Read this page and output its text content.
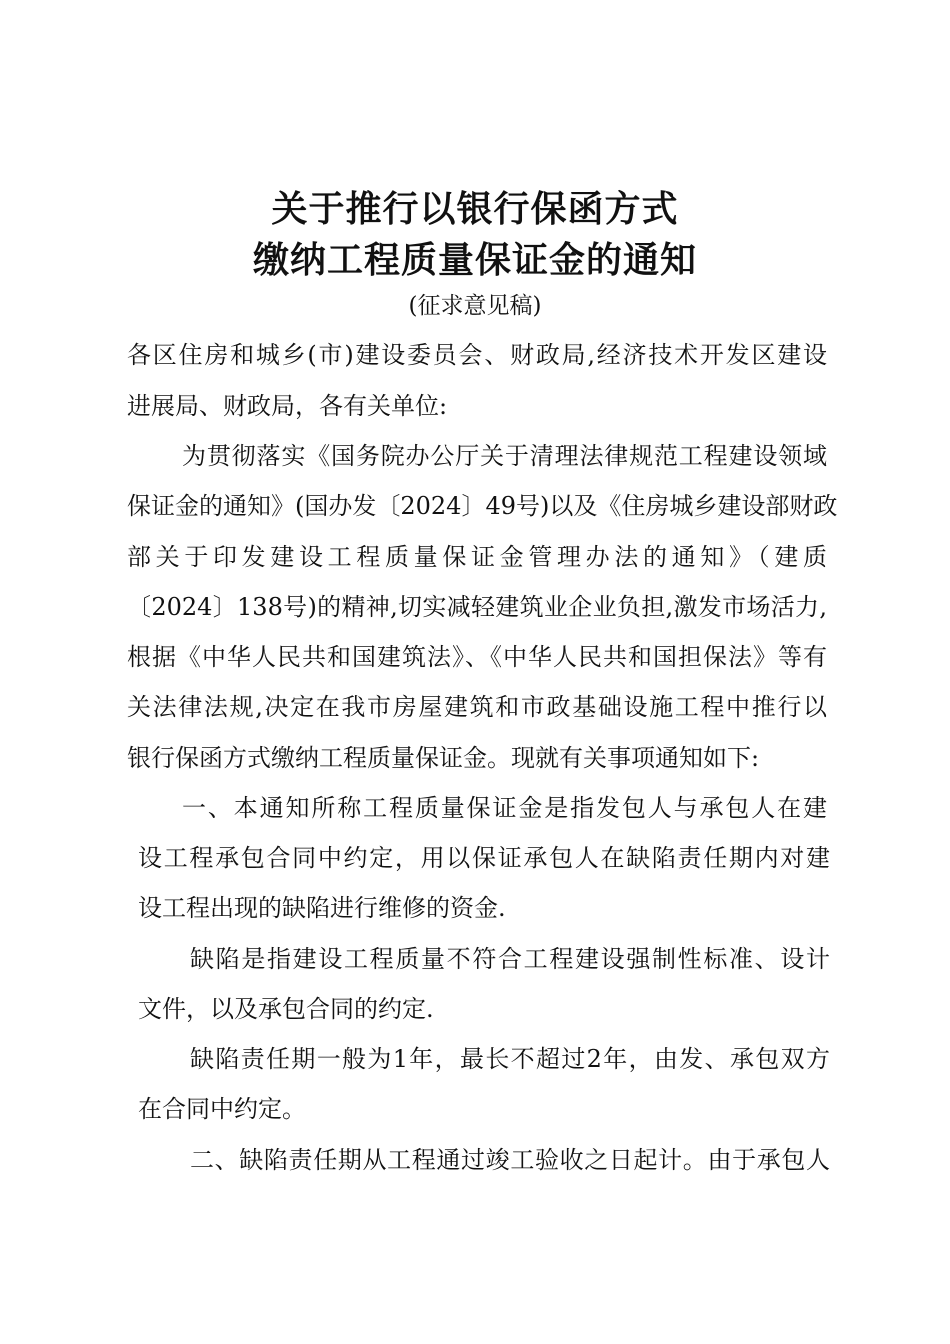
关于推行以银行保函方式
缴纳工程质量保证金的通知
(征求意见稿)
各区住房和城乡(市)建设委员会、财政局,经济技术开发区建设
进展局、财政局，各有关单位:
为贯彻落实《国务院办公厅关于清理法律规范工程建设领域
保证金的通知》(国办发〔2024〕49号)以及《住房城乡建设部财政
部关于印发建设工程质量保证金管理办法的通知》（建质
〔2024〕138号)的精神,切实减轻建筑业企业负担,激发市场活力,
根据《中华人民共和国建筑法》、《中华人民共和国担保法》等有
关法律法规,决定在我市房屋建筑和市政基础设施工程中推行以
银行保函方式缴纳工程质量保证金。现就有关事项通知如下:
一、本通知所称工程质量保证金是指发包人与承包人在建
设工程承包合同中约定，用以保证承包人在缺陷责任期内对建
设工程出现的缺陷进行维修的资金.
缺陷是指建设工程质量不符合工程建设强制性标准、设计
文件，以及承包合同的约定.
缺陷责任期一般为1年，最长不超过2年，由发、承包双方
在合同中约定。
二、缺陷责任期从工程通过竣工验收之日起计。由于承包人
